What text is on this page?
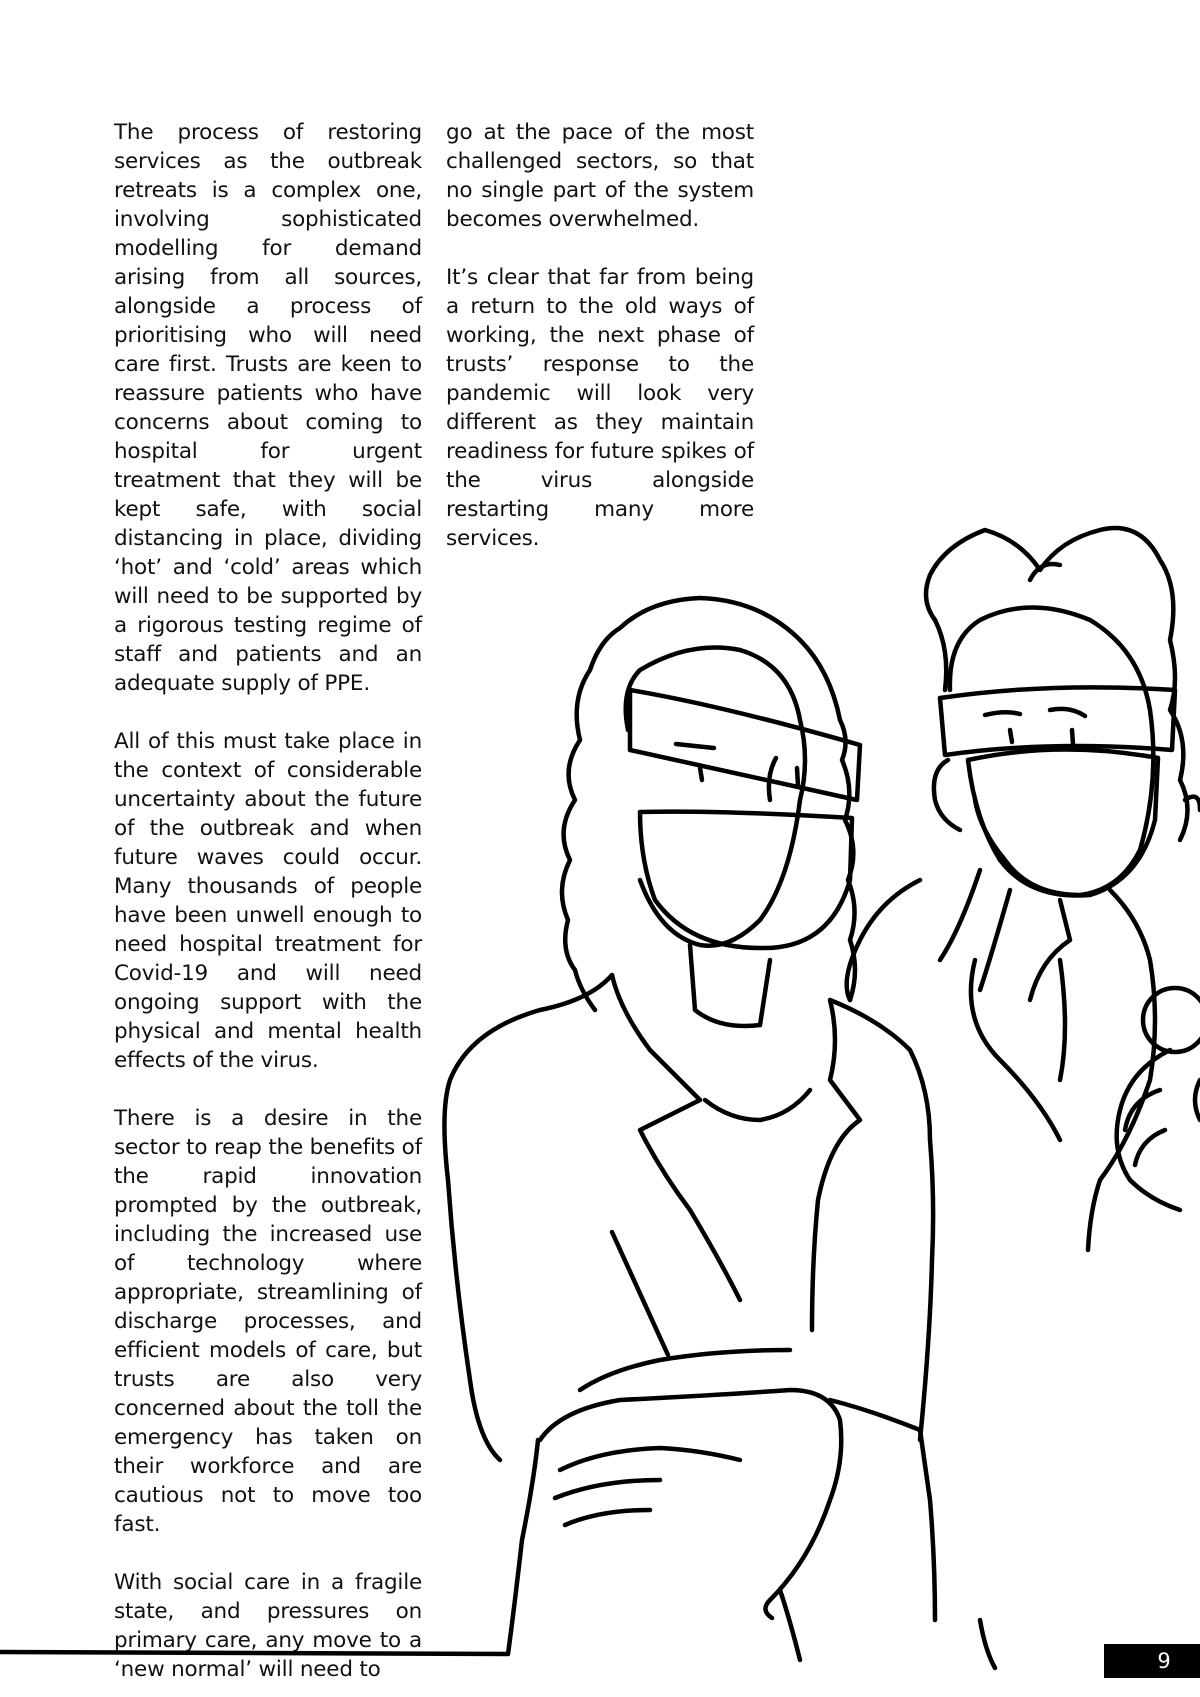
The process of restoring services as the outbreak retreats is a complex one, involving sophisticated modelling for demand arising from all sources, alongside a process of prioritising who will need care first. Trusts are keen to reassure patients who have concerns about coming to hospital for urgent treatment that they will be kept safe, with social distancing in place, dividing ‘hot’ and ‘cold’ areas which will need to be supported by a rigorous testing regime of staff and patients and an adequate supply of PPE.

All of this must take place in the context of considerable uncertainty about the future of the outbreak and when future waves could occur. Many thousands of people have been unwell enough to need hospital treatment for Covid-19 and will need ongoing support with the physical and mental health effects of the virus.

There is a desire in the sector to reap the benefits of the rapid innovation prompted by the outbreak, including the increased use of technology where appropriate, streamlining of discharge processes, and efficient models of care, but trusts are also very concerned about the toll the emergency has taken on their workforce and are cautious not to move too fast.

With social care in a fragile state, and pressures on primary care, any move to a ‘new normal’ will need to

go at the pace of the most challenged sectors, so that no single part of the system becomes overwhelmed.

It’s clear that far from being a return to the old ways of working, the next phase of trusts’ response to the pandemic will look very different as they maintain readiness for future spikes of the virus alongside restarting many more services.

9
